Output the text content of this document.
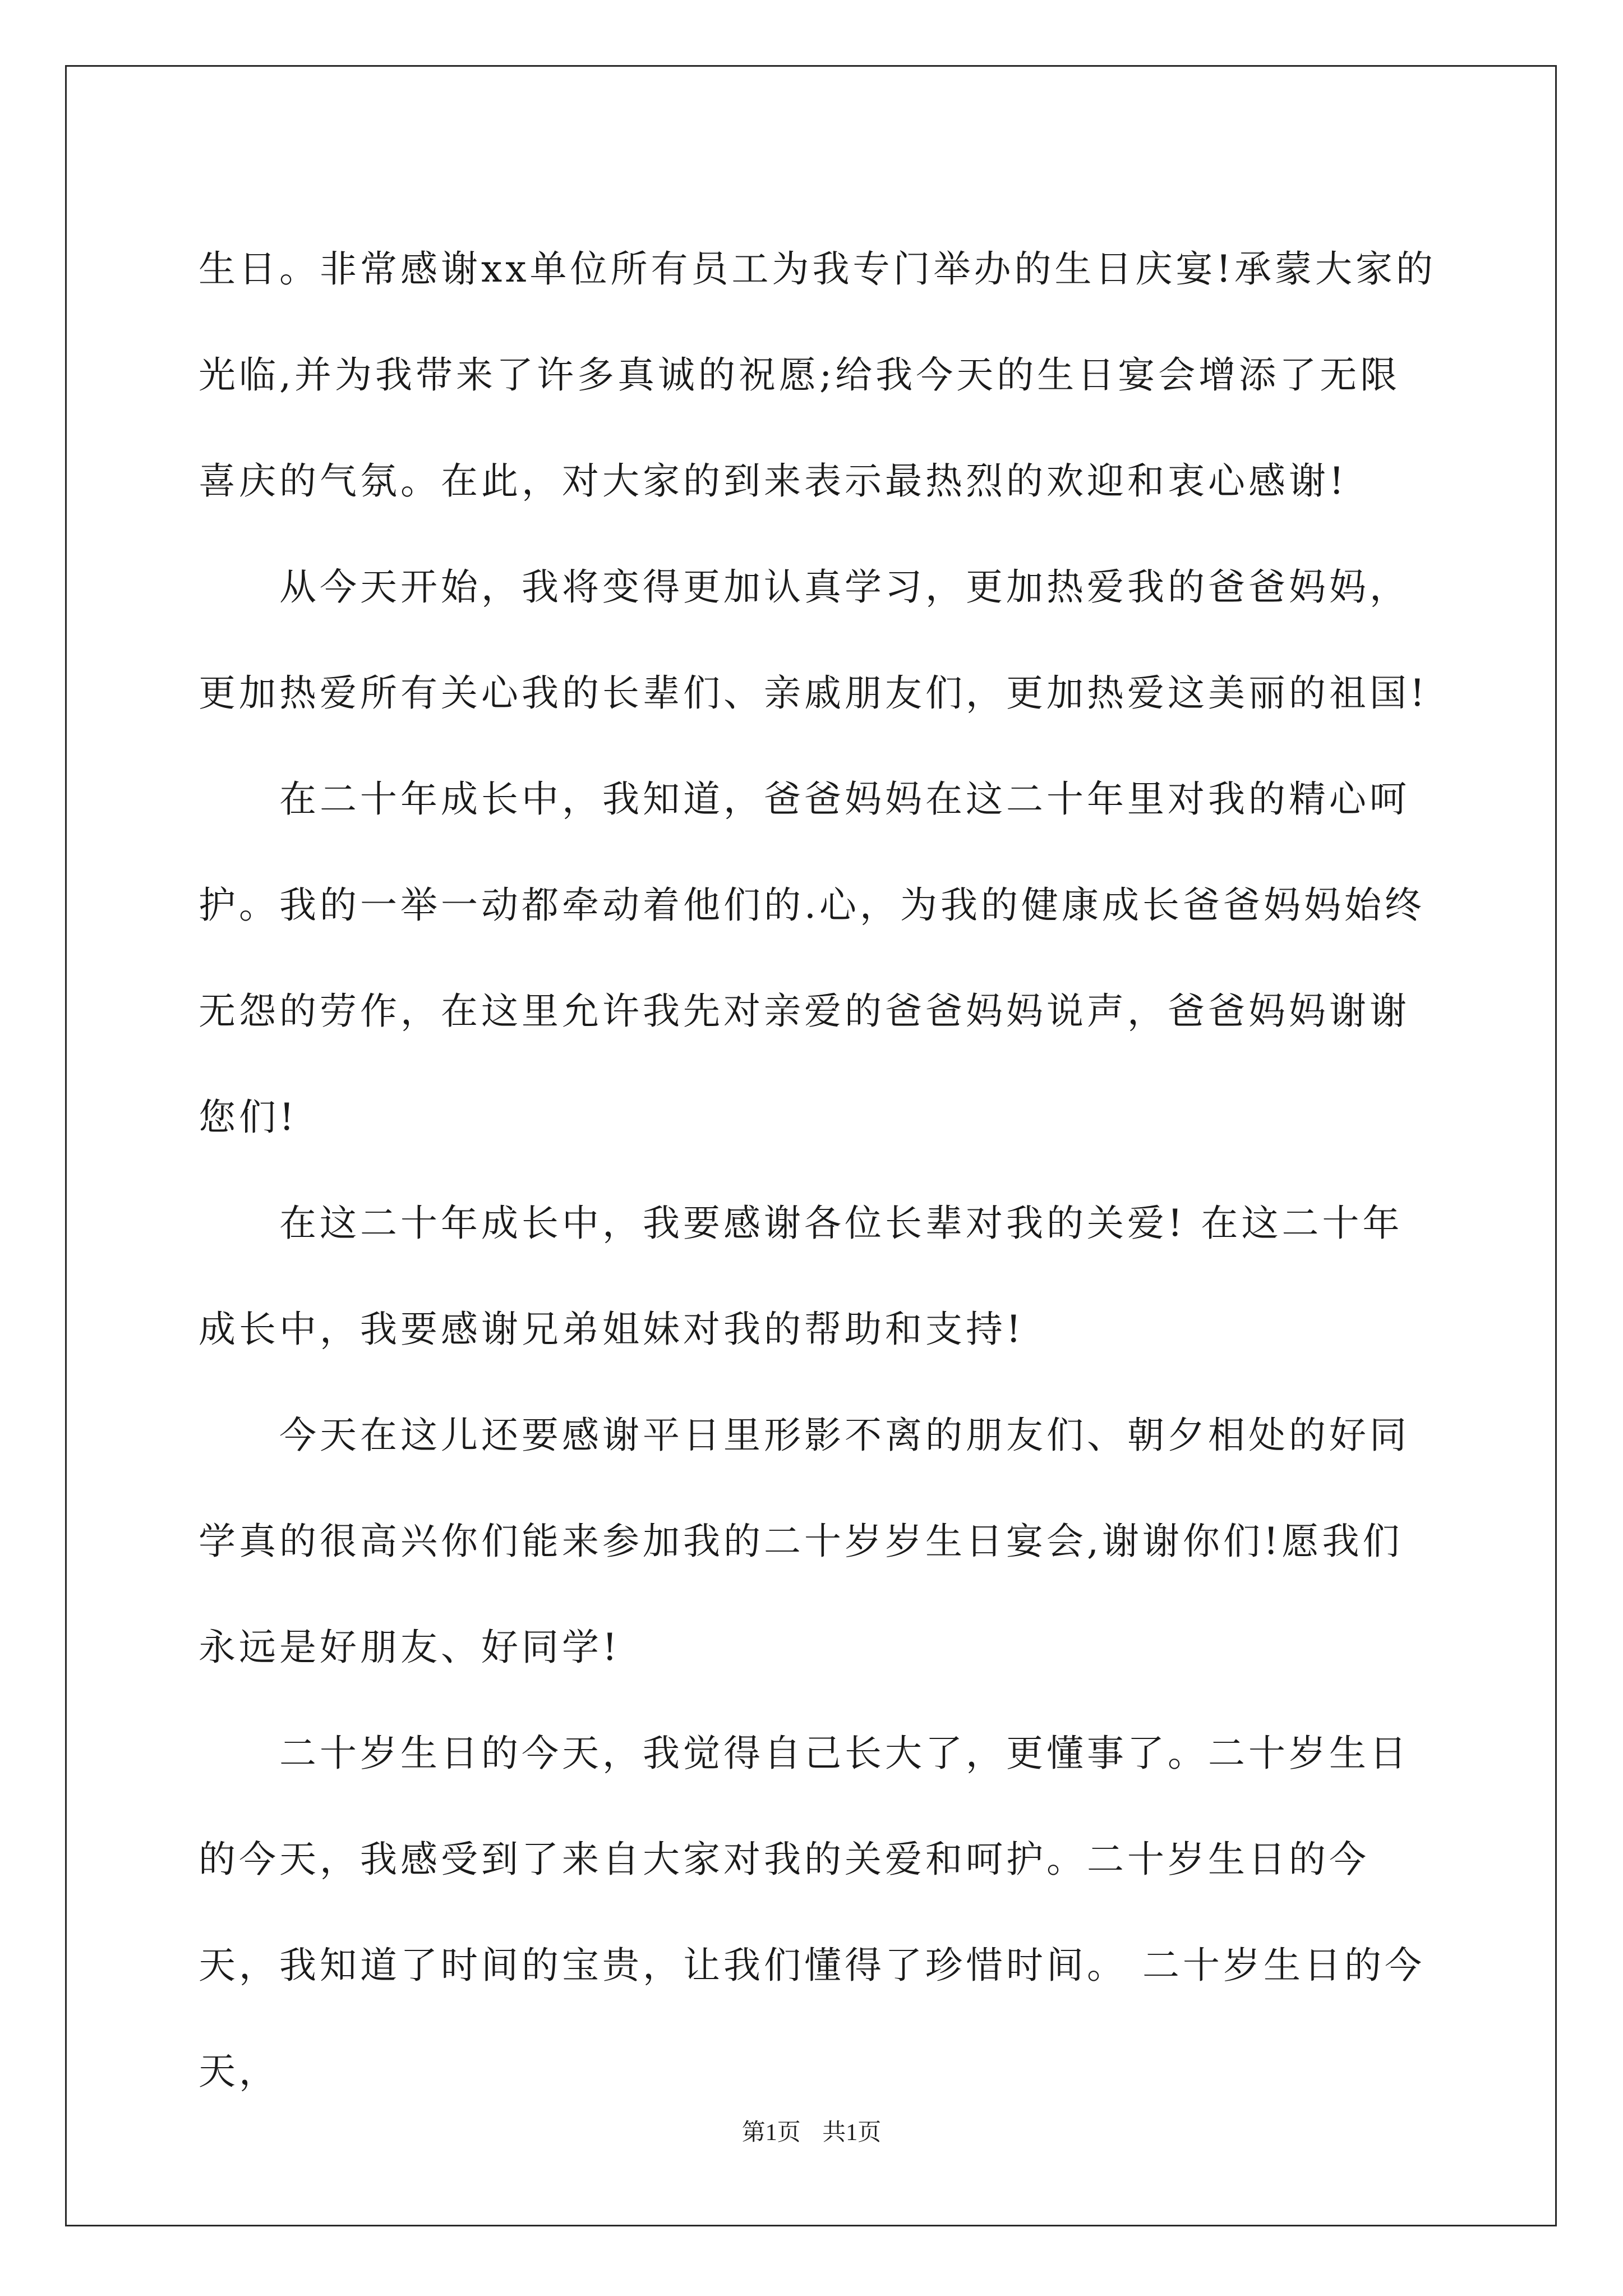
生日。非常感谢xx单位所有员工为我专门举办的生日庆宴!承蒙大家的光临,并为我带来了许多真诚的祝愿;给我今天的生日宴会增添了无限喜庆的气氛。在此，对大家的到来表示最热烈的欢迎和衷心感谢!

从今天开始，我将变得更加认真学习，更加热爱我的爸爸妈妈，更加热爱所有关心我的长辈们、亲戚朋友们，更加热爱这美丽的祖国!

在二十年成长中，我知道，爸爸妈妈在这二十年里对我的精心呵护。我的一举一动都牵动着他们的.心，为我的健康成长爸爸妈妈始终无怨的劳作，在这里允许我先对亲爱的爸爸妈妈说声，爸爸妈妈谢谢您们!

在这二十年成长中，我要感谢各位长辈对我的关爱! 在这二十年成长中，我要感谢兄弟姐妹对我的帮助和支持!

今天在这儿还要感谢平日里形影不离的朋友们、朝夕相处的好同学真的很高兴你们能来参加我的二十岁岁生日宴会,谢谢你们!愿我们永远是好朋友、好同学!

二十岁生日的今天，我觉得自己长大了，更懂事了。二十岁生日的今天，我感受到了来自大家对我的关爱和呵护。二十岁生日的今天，我知道了时间的宝贵，让我们懂得了珍惜时间。 二十岁生日的今天，

第1页 共1页
